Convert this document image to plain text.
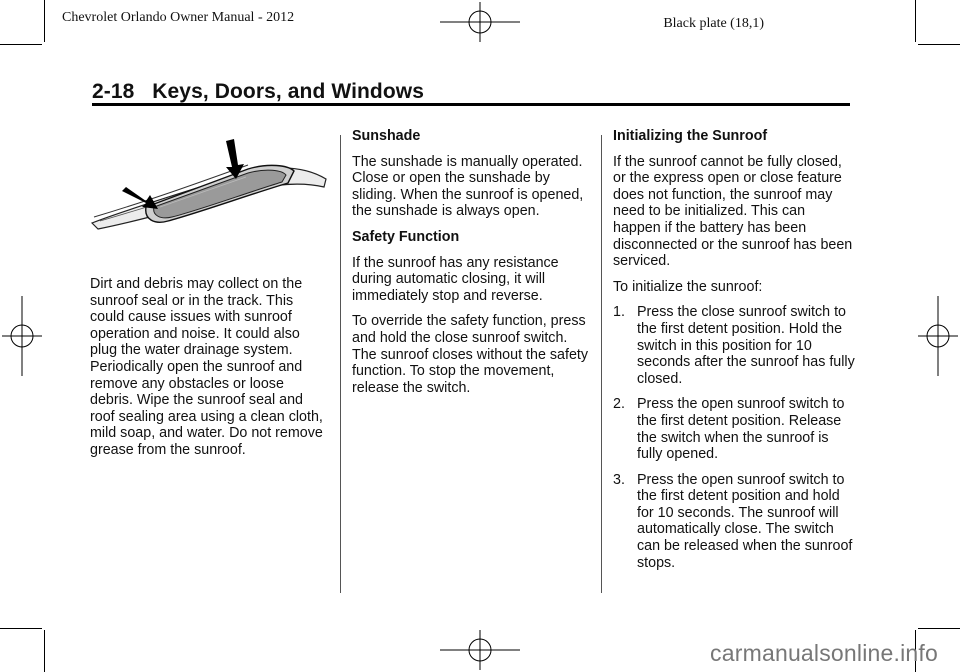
Chevrolet Orlando Owner Manual - 2012	Black plate (18,1)
2-18 Keys, Doors, and Windows

Dirt and debris may collect on the sunroof seal or in the track. This could cause issues with sunroof operation and noise. It could also plug the water drainage system. Periodically open the sunroof and remove any obstacles or loose debris. Wipe the sunroof seal and roof sealing area using a clean cloth, mild soap, and water. Do not remove grease from the sunroof.

Sunshade

The sunshade is manually operated. Close or open the sunshade by sliding. When the sunroof is opened, the sunshade is always open.

Safety Function

If the sunroof has any resistance during automatic closing, it will immediately stop and reverse.

To override the safety function, press and hold the close sunroof switch. The sunroof closes without the safety function. To stop the movement, release the switch.

Initializing the Sunroof

If the sunroof cannot be fully closed, or the express open or close feature does not function, the sunroof may need to be initialized. This can happen if the battery has been disconnected or the sunroof has been serviced.

To initialize the sunroof:

1. Press the close sunroof switch to the first detent position. Hold the switch in this position for 10 seconds after the sunroof has fully closed.
2. Press the open sunroof switch to the first detent position. Release the switch when the sunroof is fully opened.
3. Press the open sunroof switch to the first detent position and hold for 10 seconds. The sunroof will automatically close. The switch can be released when the sunroof stops.
carmanualsonline.info
